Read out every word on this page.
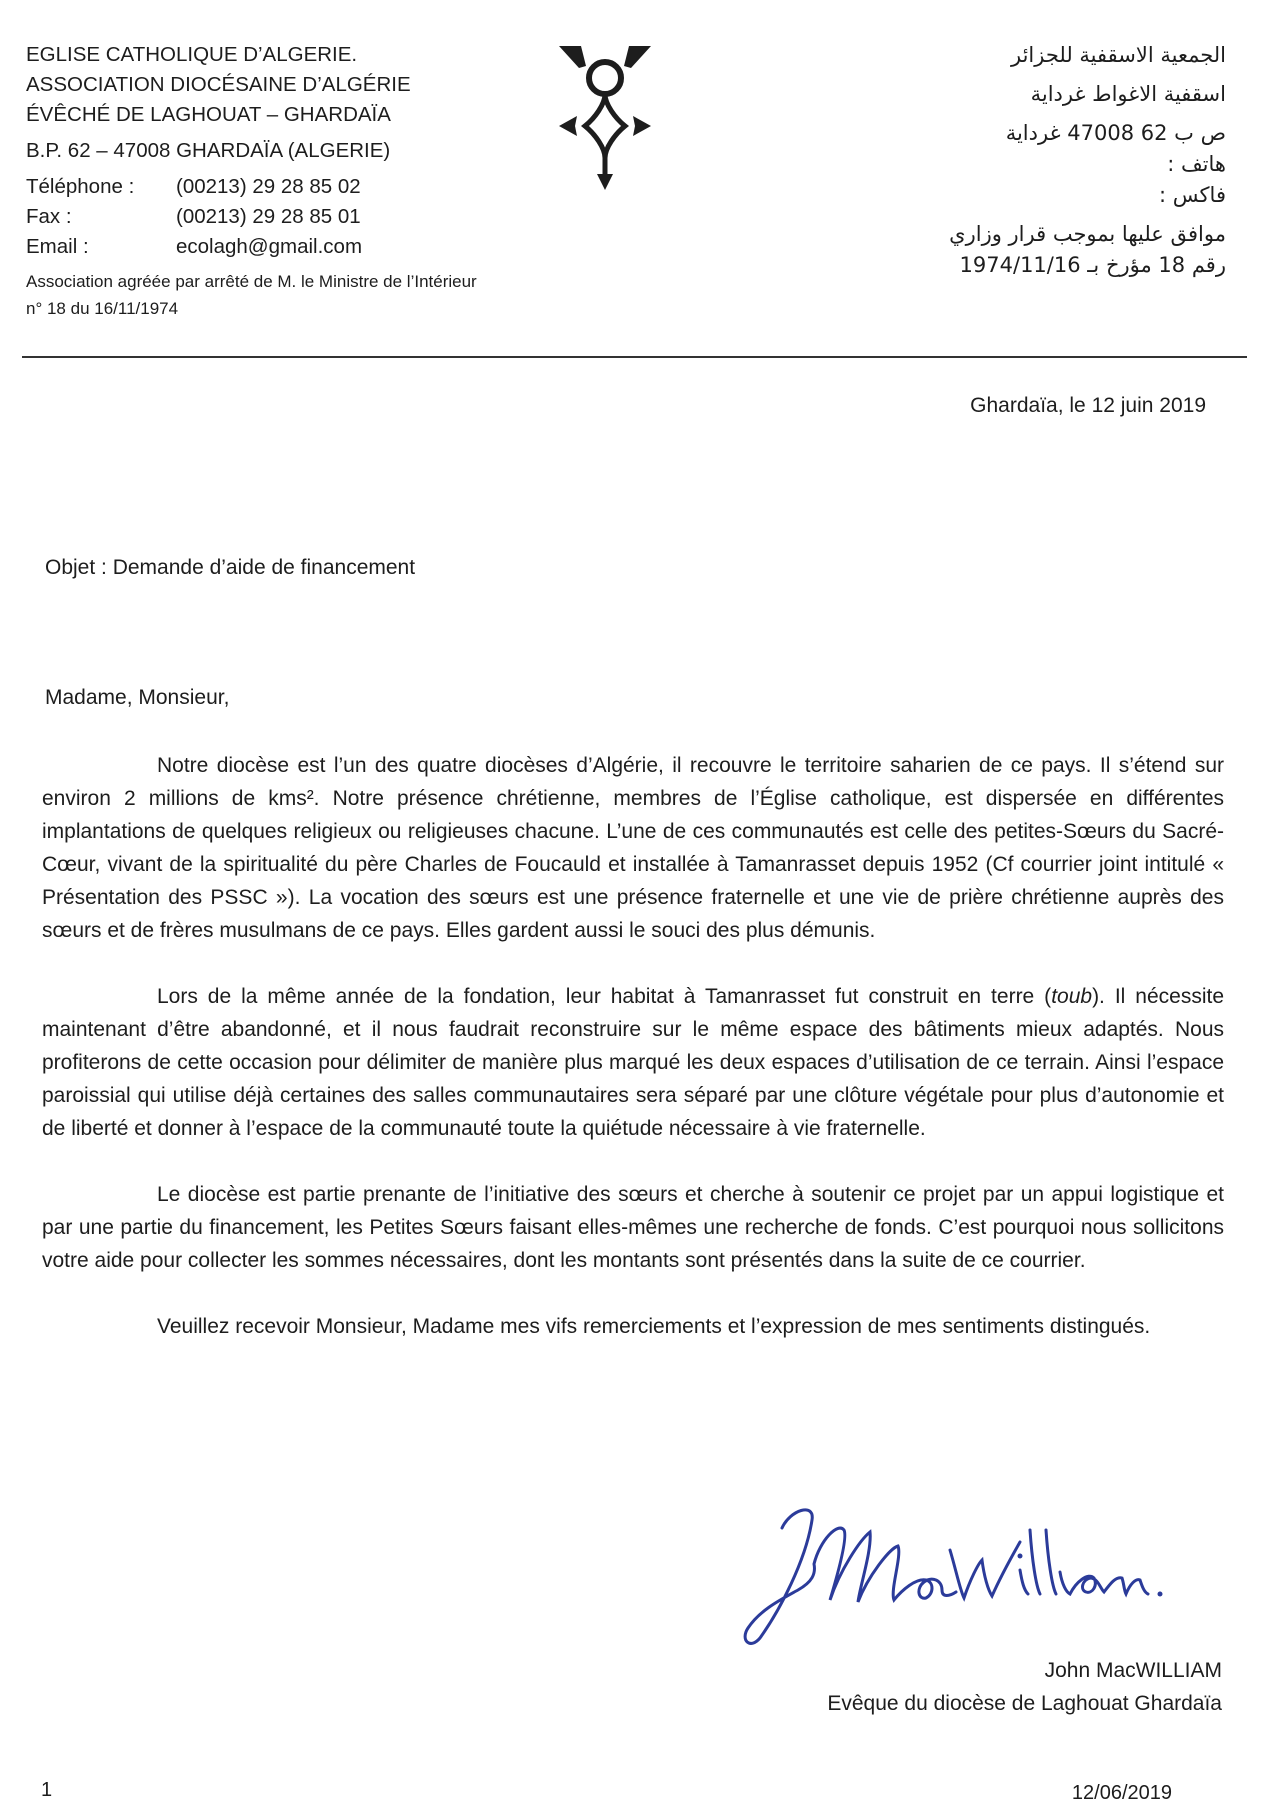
EGLISE CATHOLIQUE D’ALGERIE.
ASSOCIATION DIOCÉSAINE D’ALGÉRIE
ÉVÊCHÉ DE LAGHOUAT – GHARDAÏA
B.P. 62 – 47008 GHARDAÏA (ALGERIE)
Téléphone :	(00213) 29 28 85 02
Fax :	(00213) 29 28 85 01
Email :	ecolagh@gmail.com
Association agréée par arrêté de M. le Ministre de l’Intérieur
n° 18 du 16/11/1974
الجمعية الاسقفية للجزائر
اسقفية الاغواط غرداية
ص ب 62 47008 غرداية
هاتف :
فاكس :
موافق عليها بموجب قرار وزاري
رقم 18 مؤرخ بـ 1974/11/16
Ghardaïa, le 12 juin 2019
Objet : Demande d’aide de financement
Madame, Monsieur,

Notre diocèse est l’un des quatre diocèses d’Algérie, il recouvre le territoire saharien de ce pays. Il s’étend sur environ 2 millions de kms². Notre présence chrétienne, membres de l’Église catholique, est dispersée en différentes implantations de quelques religieux ou religieuses chacune. L’une de ces communautés est celle des petites-Sœurs du Sacré-Cœur, vivant de la spiritualité du père Charles de Foucauld et installée à Tamanrasset depuis 1952 (Cf courrier joint intitulé « Présentation des PSSC »). La vocation des sœurs est une présence fraternelle et une vie de prière chrétienne auprès des sœurs et de frères musulmans de ce pays. Elles gardent aussi le souci des plus démunis.

Lors de la même année de la fondation, leur habitat à Tamanrasset fut construit en terre (toub). Il nécessite maintenant d’être abandonné, et il nous faudrait reconstruire sur le même espace des bâtiments mieux adaptés. Nous profiterons de cette occasion pour délimiter de manière plus marqué les deux espaces d’utilisation de ce terrain. Ainsi l’espace paroissial qui utilise déjà certaines des salles communautaires sera séparé par une clôture végétale pour plus d’autonomie et de liberté et donner à l’espace de la communauté toute la quiétude nécessaire à vie fraternelle.

Le diocèse est partie prenante de l’initiative des sœurs et cherche à soutenir ce projet par un appui logistique et par une partie du financement, les Petites Sœurs faisant elles-mêmes une recherche de fonds. C’est pourquoi nous sollicitons votre aide pour collecter les sommes nécessaires, dont les montants sont présentés dans la suite de ce courrier.

Veuillez recevoir Monsieur, Madame mes vifs remerciements et l’expression de mes sentiments distingués.

John MacWILLIAM
Evêque du diocèse de Laghouat Ghardaïa
1	12/06/2019
